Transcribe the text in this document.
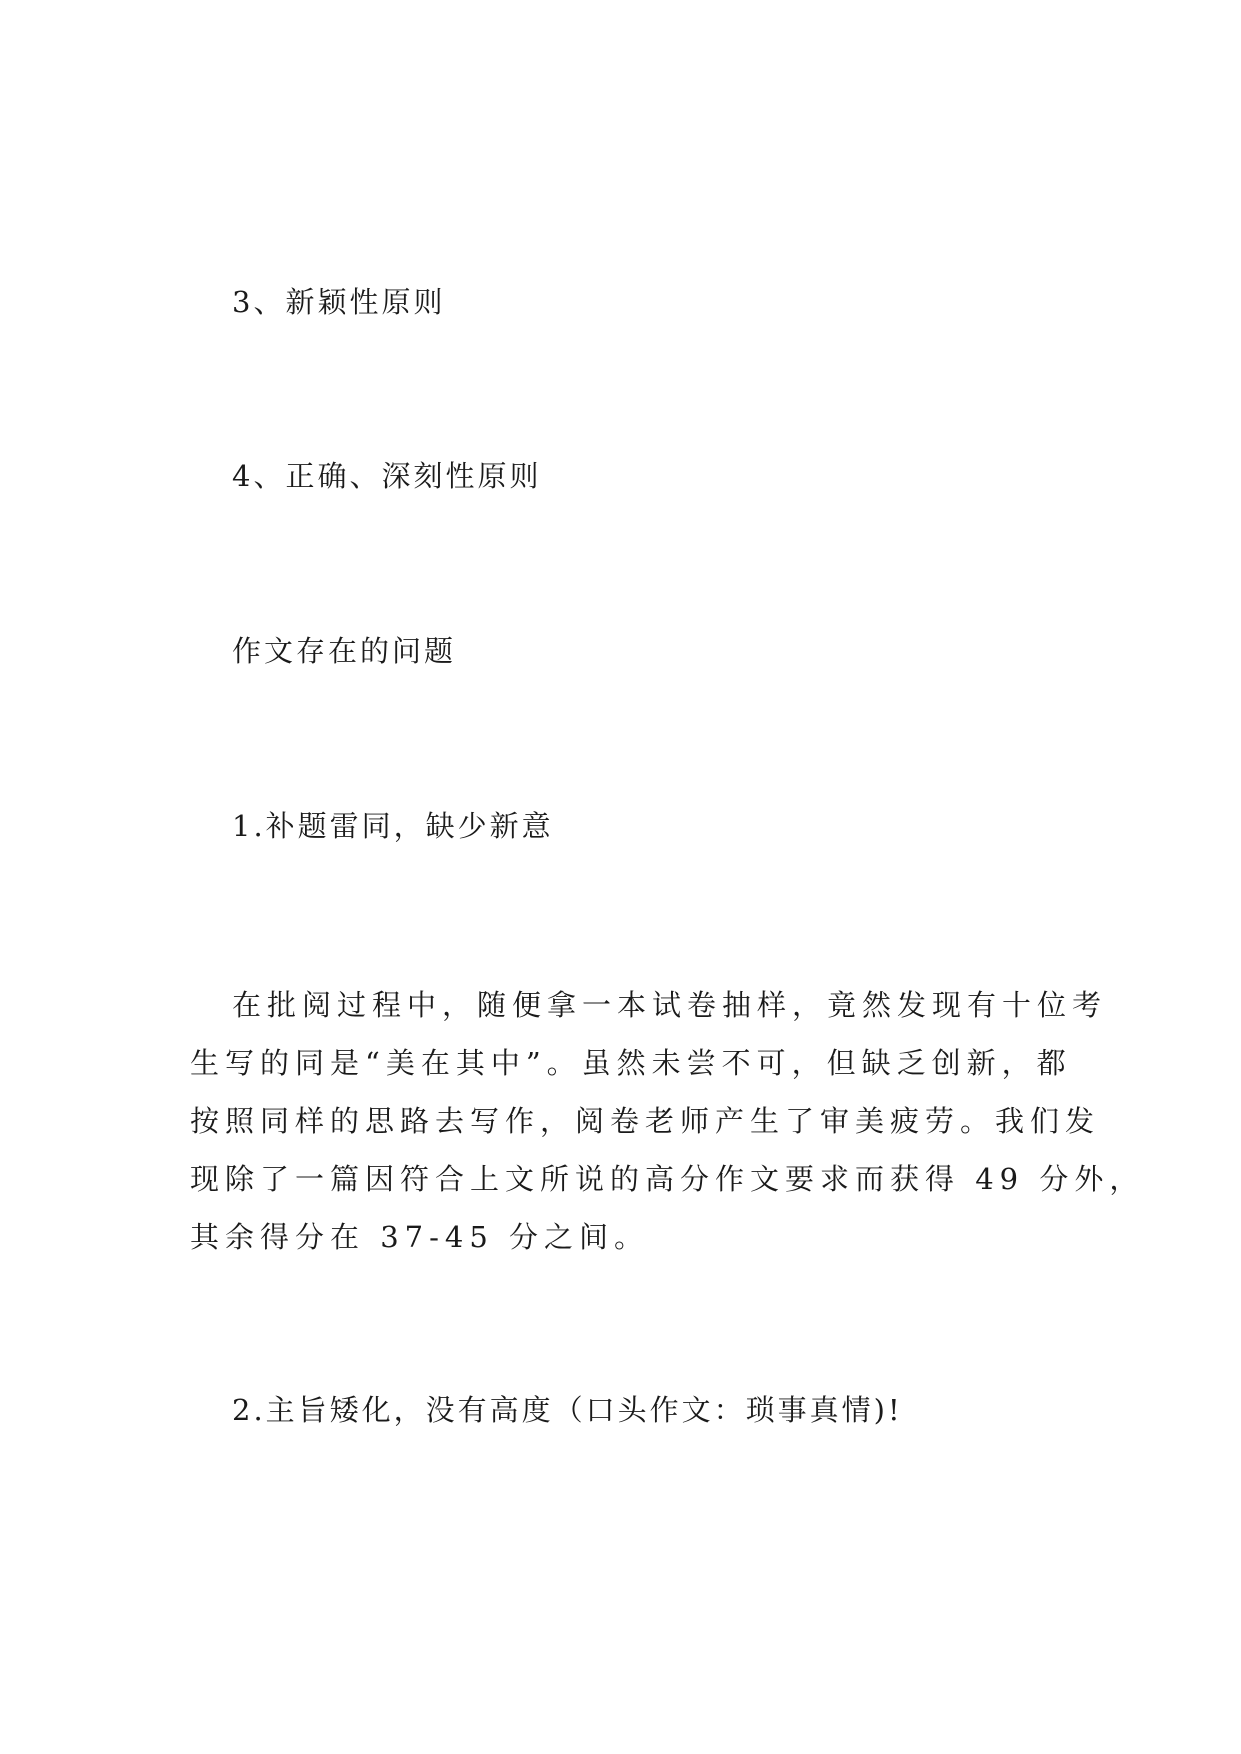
3、新颖性原则
4、正确、深刻性原则
作文存在的问题
1.补题雷同，缺少新意
在批阅过程中，随便拿一本试卷抽样，竟然发现有十位考
生写的同是“美在其中”。虽然未尝不可，但缺乏创新，都
按照同样的思路去写作，阅卷老师产生了审美疲劳。我们发
现除了一篇因符合上文所说的高分作文要求而获得 49 分外，
其余得分在 37-45 分之间。
2.主旨矮化，没有高度（口头作文：琐事真情)!
